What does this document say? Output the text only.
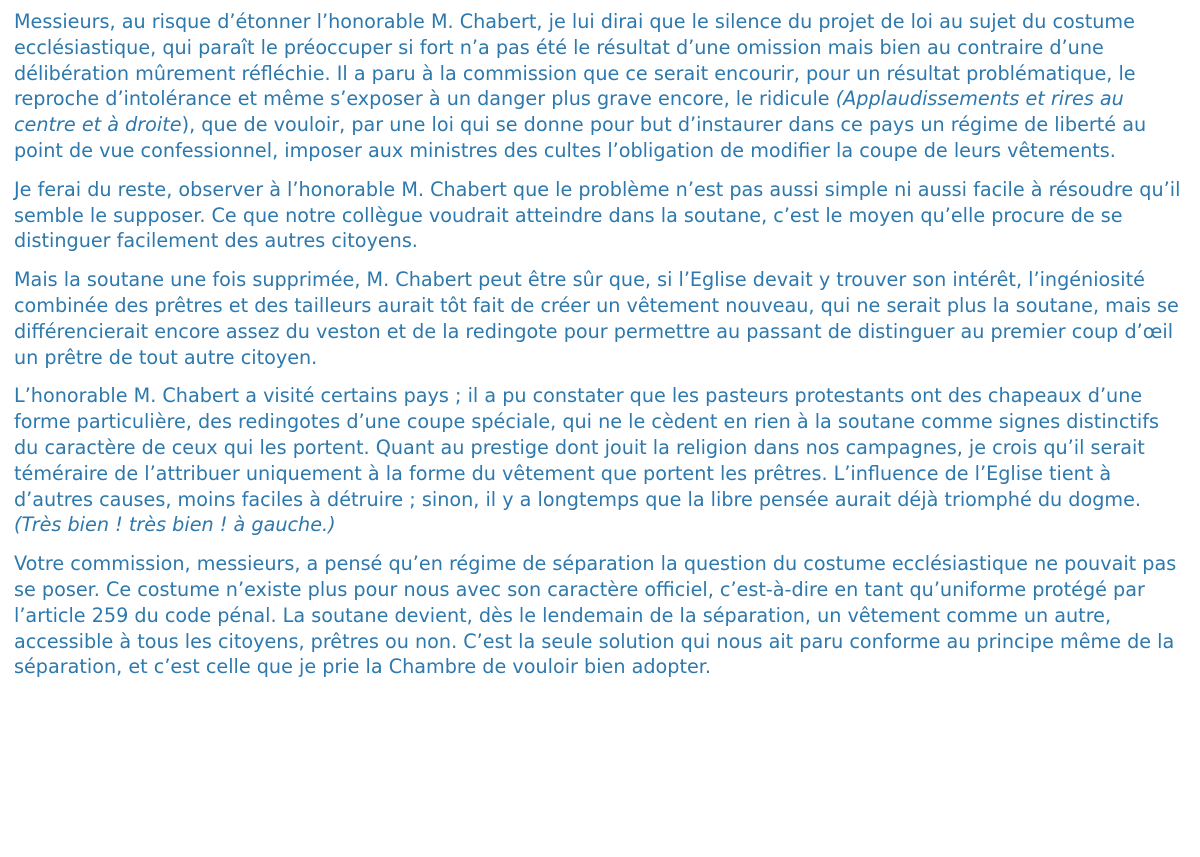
Messieurs, au risque d’étonner l’honorable M. Chabert, je lui dirai que le silence du projet de loi au sujet du costume ecclésiastique, qui paraît le préoccuper si fort n’a pas été le résultat d’une omission mais bien au contraire d’une délibération mûrement réfléchie. Il a paru à la commission que ce serait encourir, pour un résultat problématique, le reproche d’intolérance et même s’exposer à un danger plus grave encore, le ridicule (Applaudissements et rires au centre et à droite), que de vouloir, par une loi qui se donne pour but d’instaurer dans ce pays un régime de liberté au point de vue confessionnel, imposer aux ministres des cultes l’obligation de modifier la coupe de leurs vêtements.

Je ferai du reste, observer à l’honorable M. Chabert que le problème n’est pas aussi simple ni aussi facile à résoudre qu’il semble le supposer. Ce que notre collègue voudrait atteindre dans la soutane, c’est le moyen qu’elle procure de se distinguer facilement des autres citoyens.

Mais la soutane une fois supprimée, M. Chabert peut être sûr que, si l’Eglise devait y trouver son intérêt, l’ingéniosité combinée des prêtres et des tailleurs aurait tôt fait de créer un vêtement nouveau, qui ne serait plus la soutane, mais se différencierait encore assez du veston et de la redingote pour permettre au passant de distinguer au premier coup d’œil un prêtre de tout autre citoyen.

L’honorable M. Chabert a visité certains pays ; il a pu constater que les pasteurs protestants ont des chapeaux d’une forme particulière, des redingotes d’une coupe spéciale, qui ne le cèdent en rien à la soutane comme signes distinctifs du caractère de ceux qui les portent. Quant au prestige dont jouit la religion dans nos campagnes, je crois qu’il serait téméraire de l’attribuer uniquement à la forme du vêtement que portent les prêtres. L’influence de l’Eglise tient à d’autres causes, moins faciles à détruire ; sinon, il y a longtemps que la libre pensée aurait déjà triomphé du dogme. (Très bien ! très bien ! à gauche.)

Votre commission, messieurs, a pensé qu’en régime de séparation la question du costume ecclésiastique ne pouvait pas se poser. Ce costume n’existe plus pour nous avec son caractère officiel, c’est-à-dire en tant qu’uniforme protégé par l’article 259 du code pénal. La soutane devient, dès le lendemain de la séparation, un vêtement comme un autre, accessible à tous les citoyens, prêtres ou non. C’est la seule solution qui nous ait paru conforme au principe même de la séparation, et c’est celle que je prie la Chambre de vouloir bien adopter.
